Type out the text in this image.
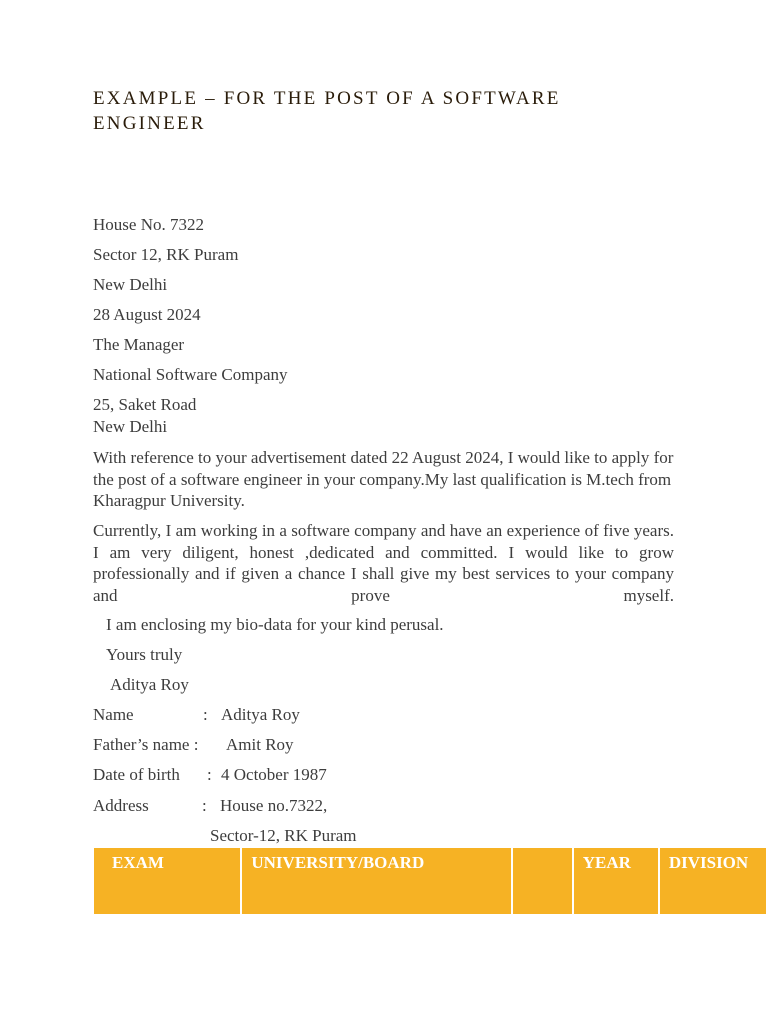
EXAMPLE – FOR THE POST OF A SOFTWARE ENGINEER
House No. 7322
Sector 12, RK Puram
New Delhi
28 August 2024
The Manager
National Software Company
25, Saket Road
New Delhi

With reference to your advertisement dated 22 August 2024, I would like to apply for the post of a software engineer in your company.My last qualification is M.tech from Kharagpur University.

Currently, I am working in a software company and have an experience of five years. I am very diligent, honest ,dedicated and committed. I would like to grow professionally and if given a chance I shall give my best services to your company and prove myself.

I am enclosing my bio-data for your kind perusal.
Yours truly
Aditya Roy
Name	: Aditya Roy
Father’s name : Amit Roy
Date of birth : 4 October 1987
Address	: House no.7322,
Sector-12, RK Puram
EXAM	UNIVERSITY/BOARD		YEAR	DIVISION
